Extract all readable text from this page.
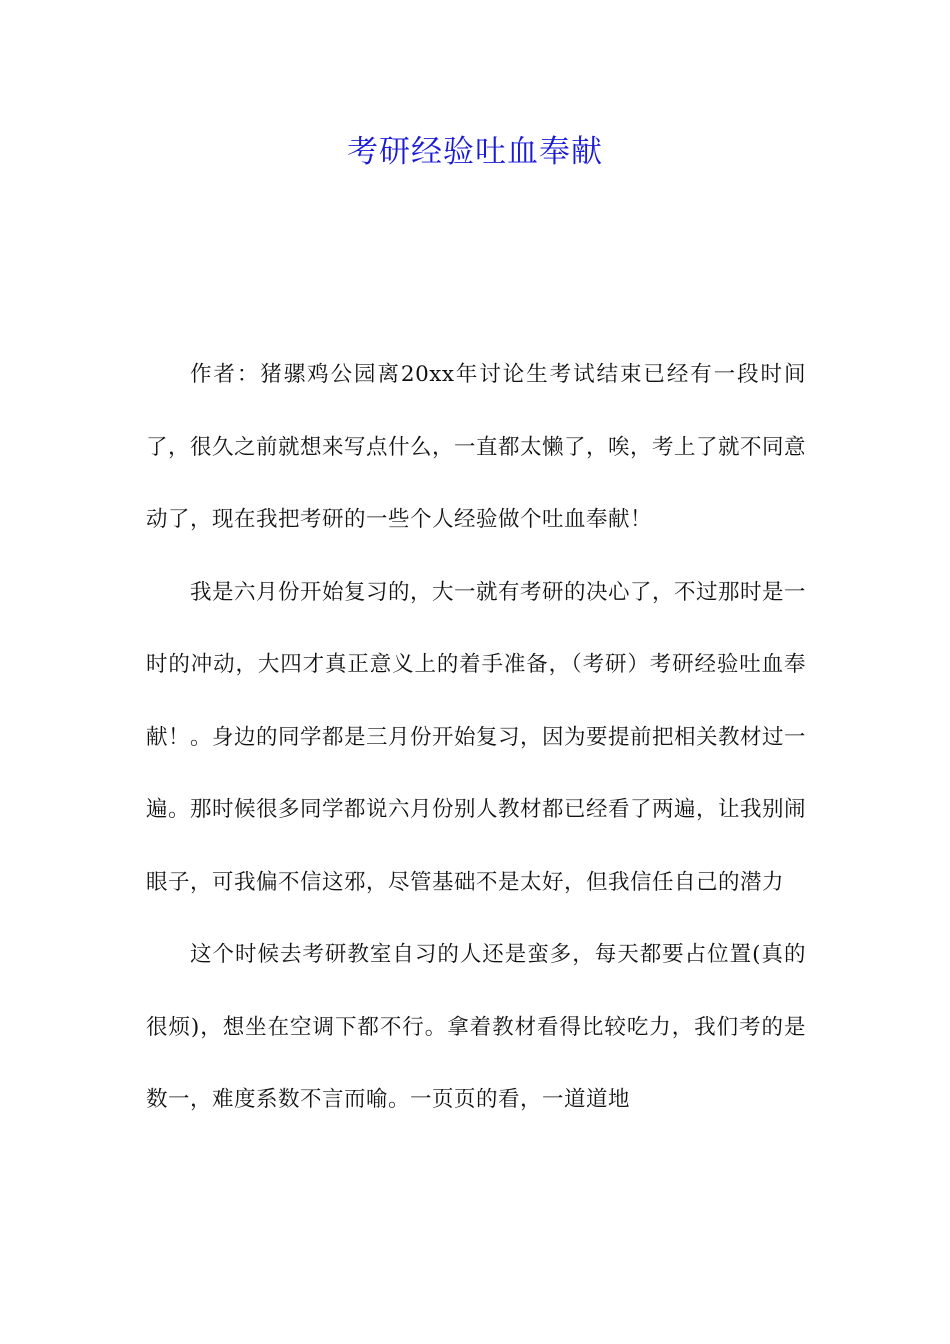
考研经验吐血奉献

作者：猪骡鸡公园离20xx年讨论生考试结束已经有一段时间了，很久之前就想来写点什么，一直都太懒了，唉，考上了就不同意动了，现在我把考研的一些个人经验做个吐血奉献！

我是六月份开始复习的，大一就有考研的决心了，不过那时是一时的冲动，大四才真正意义上的着手准备，（考研）考研经验吐血奉献！。身边的同学都是三月份开始复习，因为要提前把相关教材过一遍。那时候很多同学都说六月份别人教材都已经看了两遍，让我别闹眼子，可我偏不信这邪，尽管基础不是太好，但我信任自己的潜力

这个时候去考研教室自习的人还是蛮多，每天都要占位置(真的很烦)，想坐在空调下都不行。拿着教材看得比较吃力，我们考的是数一，难度系数不言而喻。一页页的看，一道道地
